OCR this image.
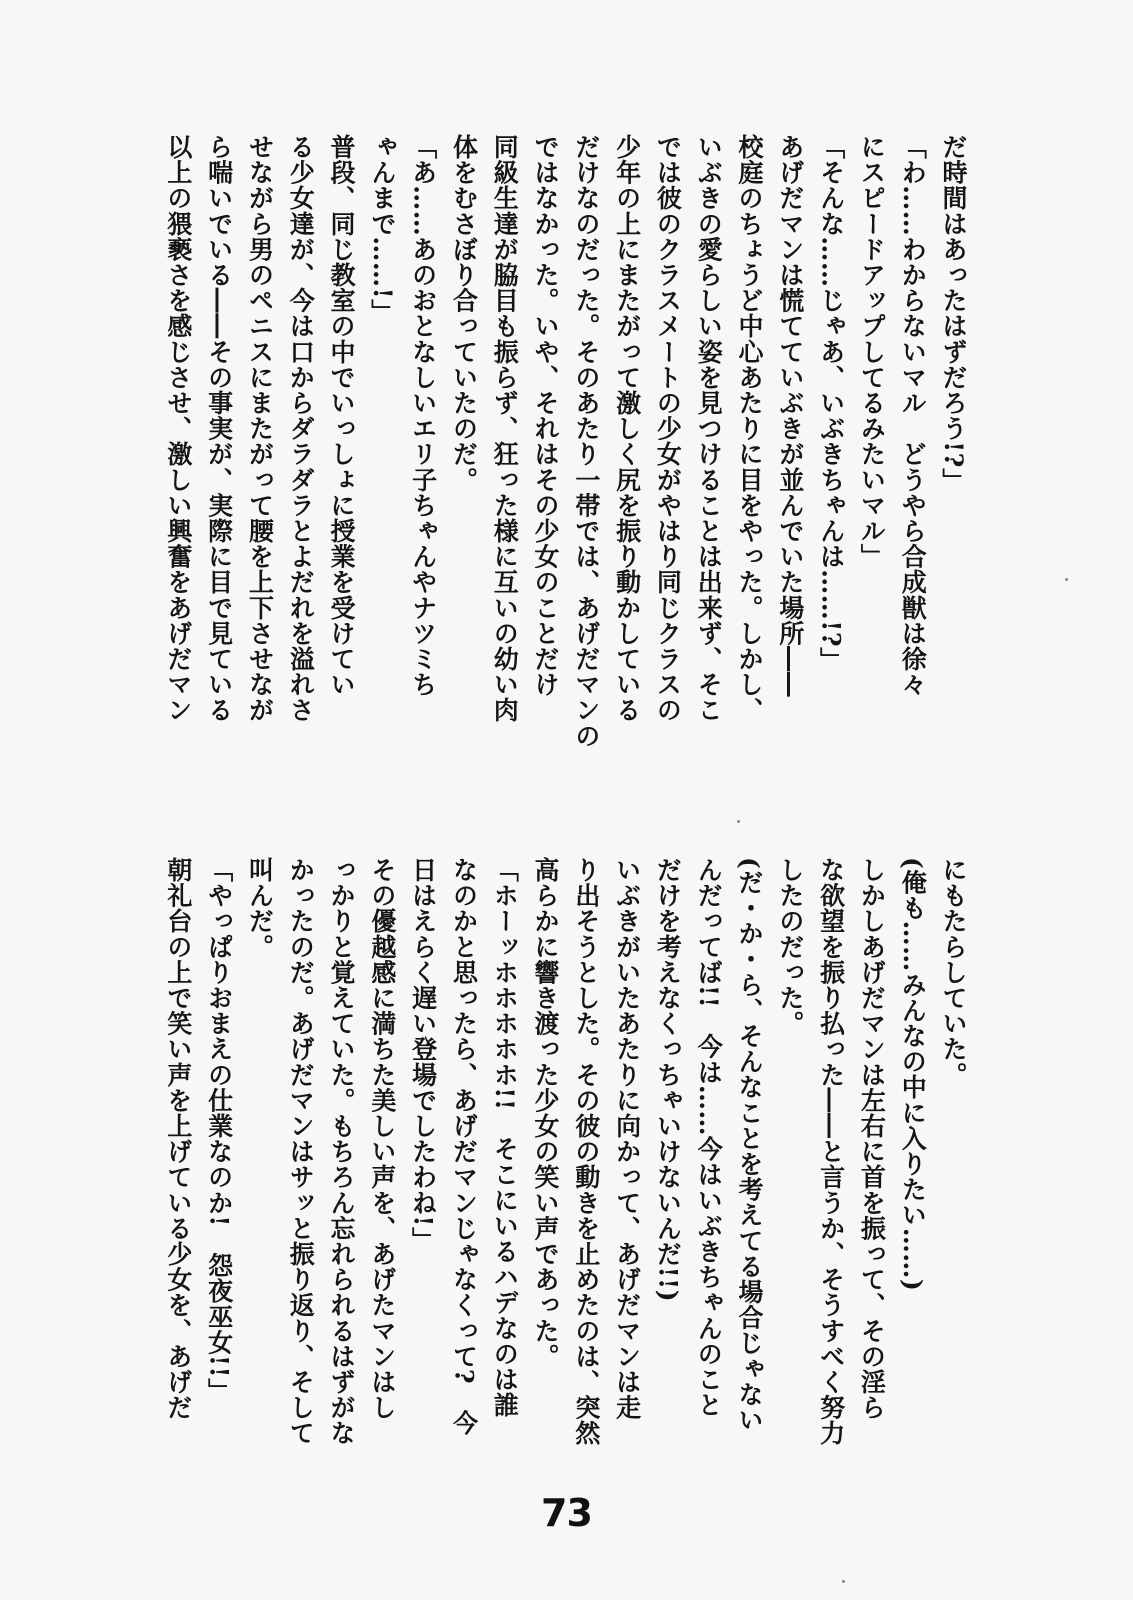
だ時間はあったはずだろう!?」

「わ……わからないマル　どうやら合成獣は徐々

にスピードアップしてるみたいマル」

「そんな……じゃあ、いぶきちゃんは……!?」

あげだマンは慌てていぶきが並んでいた場所――

校庭のちょうど中心あたりに目をやった。しかし、

いぶきの愛らしい姿を見つけることは出来ず、そこ

では彼のクラスメートの少女がやはり同じクラスの

少年の上にまたがって激しく尻を振り動かしている

だけなのだった。そのあたり一帯では、あげだマンの

ではなかった。いや、それはその少女のことだけ

同級生達が脇目も振らず、狂った様に互いの幼い肉

体をむさぼり合っていたのだ。

「あ……あのおとなしいエリ子ちゃんやナツミち

ゃんまで……!」

普段、同じ教室の中でいっしょに授業を受けてい

る少女達が、今は口からダラダラとよだれを溢れさ

せながら男のペニスにまたがって腰を上下させなが

ら喘いでいる――その事実が、実際に目で見ている

以上の猥褻さを感じさせ、激しい興奮をあげだマン

にもたらしていた。

(俺も……みんなの中に入りたい……)

しかしあげだマンは左右に首を振って、その淫ら

な欲望を振り払った――と言うか、そうすべく努力

したのだった。

(だ・か・ら、そんなことを考えてる場合じゃない

んだってば!!　今は……今はいぶきちゃんのこと

だけを考えなくっちゃいけないんだ!!)

いぶきがいたあたりに向かって、あげだマンは走

り出そうとした。その彼の動きを止めたのは、突然

高らかに響き渡った少女の笑い声であった。

「ホーッホホホホホ!!　そこにいるハデなのは誰

なのかと思ったら、あげだマンじゃなくって?　今

日はえらく遅い登場でしたわね!」

その優越感に満ちた美しい声を、あげたマンはし

っかりと覚えていた。もちろん忘れられるはずがな

かったのだ。あげだマンはサッと振り返り、そして

叫んだ。

「やっぱりおまえの仕業なのか!　怨夜巫女!!」

朝礼台の上で笑い声を上げている少女を、あげだ

73
